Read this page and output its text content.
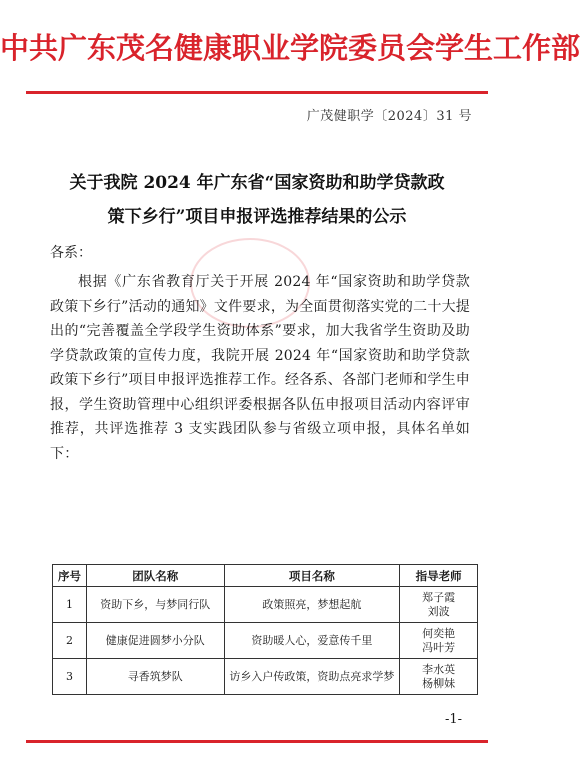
中共广东茂名健康职业学院委员会学生工作部
广茂健职学〔2024〕31 号
关于我院 2024 年广东省“国家资助和助学贷款政
策下乡行”项目申报评选推荐结果的公示
各系：

根据《广东省教育厅关于开展 2024 年“国家资助和助学贷款政策下乡行”活动的通知》文件要求，为全面贯彻落实党的二十大提出的“完善覆盖全学段学生资助体系”要求，加大我省学生资助及助学贷款政策的宣传力度，我院开展 2024 年“国家资助和助学贷款政策下乡行”项目申报评选推荐工作。经各系、各部门老师和学生申报，学生资助管理中心组织评委根据各队伍申报项目活动内容评审推荐，共评选推荐 3 支实践团队参与省级立项申报，具体名单如下：

序号	团队名称	项目名称	指导老师
1	资助下乡，与梦同行队	政策照亮，梦想起航	郑子霞
刘波

2	健康促进圆梦小分队	资助暖人心，爱意传千里	何奕艳
冯叶芳

3	寻香筑梦队	访乡入户传政策，资助点亮求学梦	李水英
杨柳妹
-1-
